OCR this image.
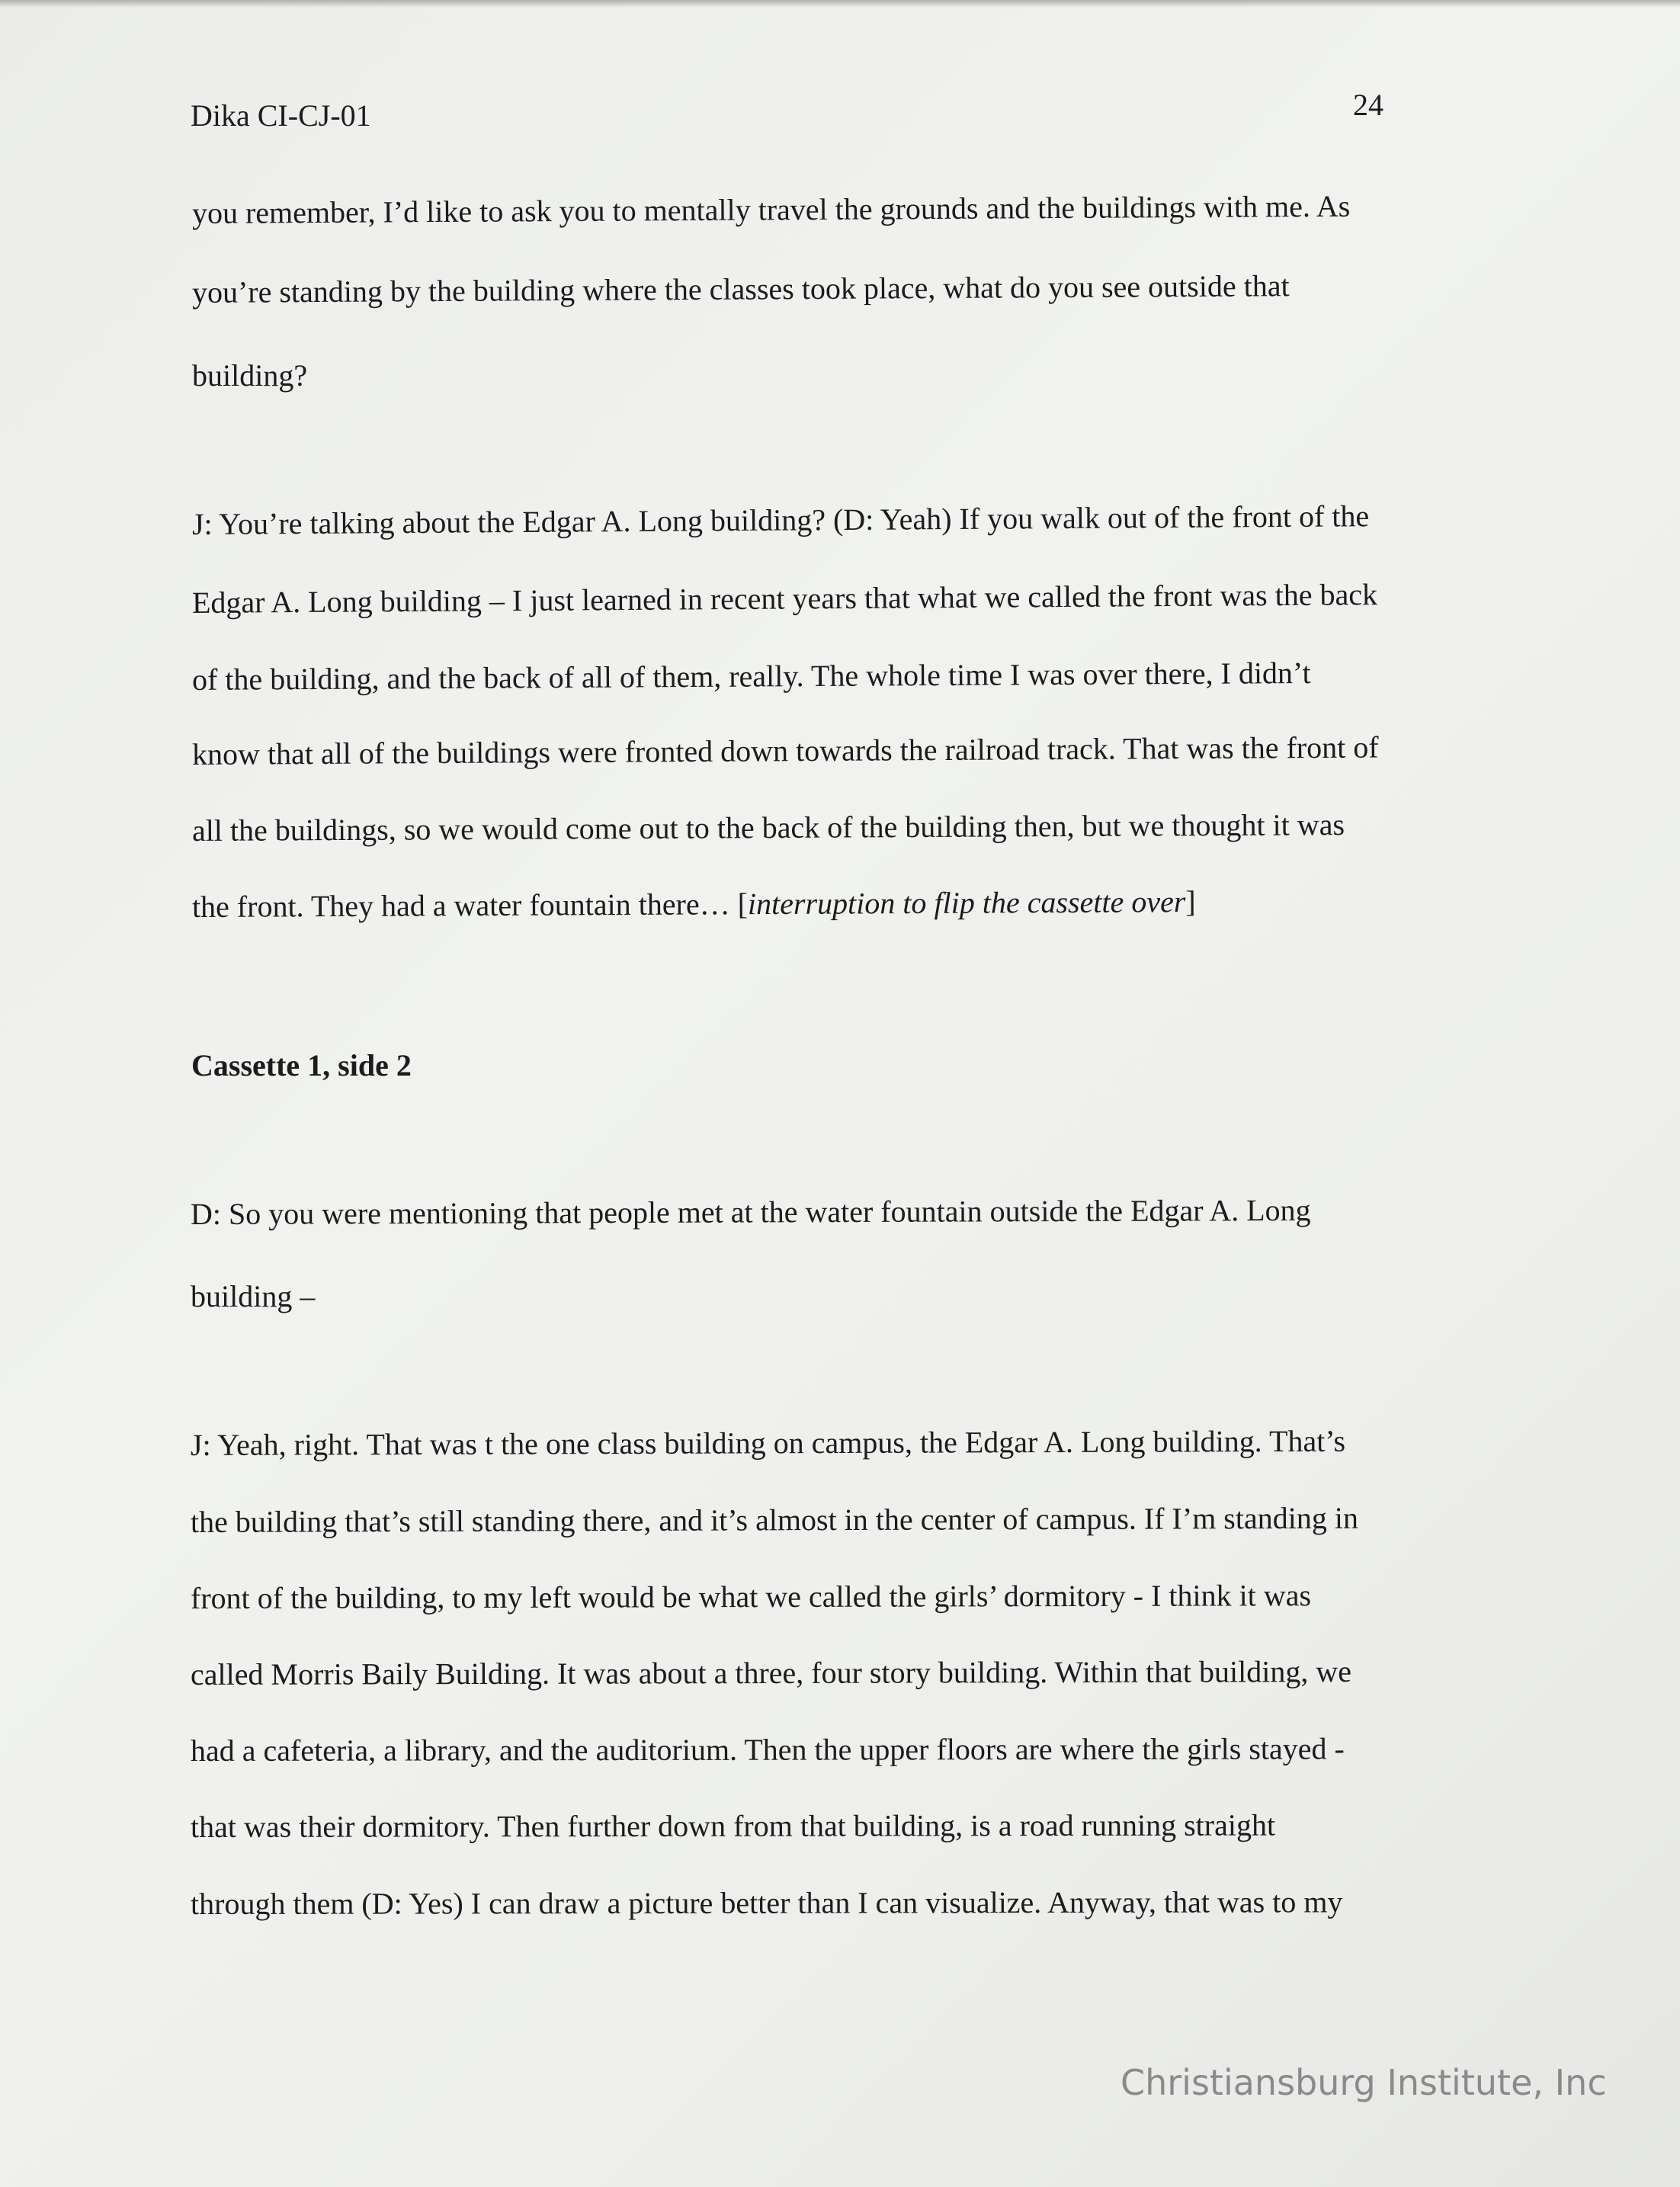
Dika CI-CJ-01	24
you remember, I’d like to ask you to mentally travel the grounds and the buildings with me. As
you’re standing by the building where the classes took place, what do you see outside that
building?
J: You’re talking about the Edgar A. Long building? (D: Yeah) If you walk out of the front of the
Edgar A. Long building – I just learned in recent years that what we called the front was the back
of the building, and the back of all of them, really. The whole time I was over there, I didn’t
know that all of the buildings were fronted down towards the railroad track. That was the front of
all the buildings, so we would come out to the back of the building then, but we thought it was
the front. They had a water fountain there… [interruption to flip the cassette over]
Cassette 1, side 2
D: So you were mentioning that people met at the water fountain outside the Edgar A. Long
building –
J: Yeah, right. That was t the one class building on campus, the Edgar A. Long building. That’s
the building that’s still standing there, and it’s almost in the center of campus. If I’m standing in
front of the building, to my left would be what we called the girls’ dormitory - I think it was
called Morris Baily Building. It was about a three, four story building. Within that building, we
had a cafeteria, a library, and the auditorium. Then the upper floors are where the girls stayed -
that was their dormitory. Then further down from that building, is a road running straight
through them (D: Yes) I can draw a picture better than I can visualize. Anyway, that was to my
Christiansburg Institute, Inc
